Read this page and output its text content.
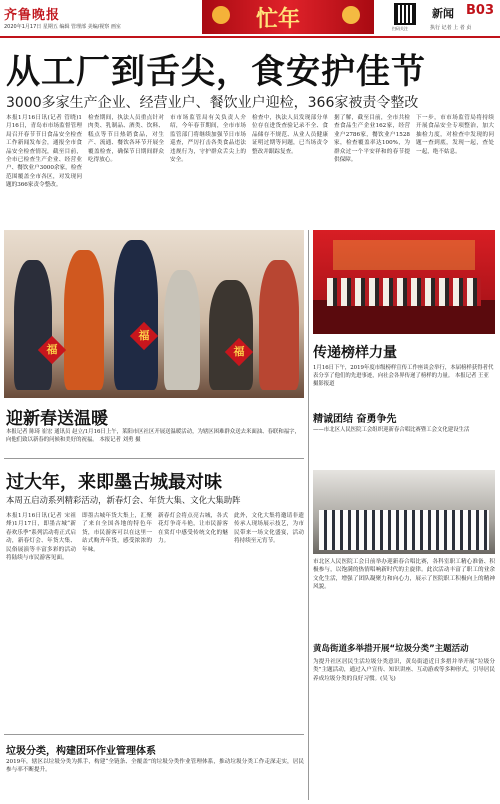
齐鲁晚报
2020年1月17日 星期五 编辑 管理部 美编/视察 画室	忙年	扫码关注
新闻 B03
执行 记者 上 者 贞
从工厂到舌尖，食安护佳节
3000多家生产企业、经营业户、餐饮业户迎检，366家被责令整改
本报1月16日讯(记者 管晓)1月16日，青岛市市场监督管理局召开春节节日食品安全检查工作新闻发布会，通报全市食品安全检查情况，截至目前，全市已检查生产企业、经营业户、餐饮业户3000余家，检查范围覆盖全市各区，对发现问题的366家责令整改。
检查期间，执法人员重点针对肉类、乳制品、酒类、饮料、糕点等节日热销食品，对生产、流通、餐饮各环节开展全覆盖检查，确保节日期间群众吃得放心。
市市场监管局有关负责人介绍，今年春节期间，全市市场监管部门将继续加强节日市场巡查，严厉打击各类食品违法违规行为，守护群众舌尖上的安全。
检查中，执法人员发现部分单位存在进货查验记录不全、食品储存不规范、从业人员健康证明过期等问题，已当场责令整改并跟踪复查。
据了解，截至目前，全市共检查食品生产企业162家，经营业户2786家，餐饮业户1528家，检查覆盖率达100%，为群众过一个平安祥和的春节提供保障。
下一步，市市场监管局将持续开展食品安全专项整治，加大抽检力度，对检查中发现的问题一查到底，发现一起，查处一起，绝不姑息。
福
福
福
迎新春送温暖
本报记者 陈琦 崔宏 通讯员 赵立/1月16日上午，莱阳市区社区开展送温暖活动，为辖区困难群众送去米面油、春联和福字，向他们致以新春的问候和美好的祝福。 本报记者 刘勇 摄
传递榜样力量
1月16日下午，2019年度市级榜样宣传工作座谈会举行，本届榜样获得者代表分享了他们的先进事迹，向社会各界传递了榜样的力量。 本报记者 王亚 摄影报道
精诚团结 奋勇争先
——市北区人民医院工会组织迎新春合唱比赛暨工会文化建设生活
市北区人民医院工会日前举办迎新春合唱比赛，各科室职工精心准备、积极参与，以饱满的热情唱响新时代的主旋律。此次活动丰富了职工的业余文化生活，增强了团队凝聚力和向心力，展示了医院职工积极向上的精神风貌。
黄岛街道多举措开展“垃圾分类”主题活动
为提升社区居民生活垃圾分类意识，黄岛街道近日多措并举开展“垃圾分类”主题活动，通过入户宣传、知识讲座、互动游戏等多种形式，引导居民养成垃圾分类的良好习惯。(吴飞)
过大年，来即墨古城最对味
本周五启动系列精彩活动，新春灯会、年货大集、文化大集助阵
本报1月16日讯(记者 宋祖烽)1月17日，即墨古城“新春欢乐季”系列活动将正式启动，新春灯会、年货大集、民俗展演等丰富多彩的活动将陆续与市民游客见面。
即墨古城年货大集上，汇聚了来自全国各地的特色年货，市民游客可以在这里一站式购齐年货，感受浓浓的年味。
新春灯会将点亮古城，各式花灯争奇斗艳，让市民游客在赏灯中感受传统文化的魅力。
此外，文化大集将邀请非遗传承人现场展示技艺，为市民带来一场文化盛宴，活动将持续至元宵节。
垃圾分类，构建团环作业管理体系
2019年，辖区以垃圾分类为抓手，构建“全链条、全覆盖”的垃圾分类作业管理体系，推动垃圾分类工作走深走实，居民参与率不断提升。
